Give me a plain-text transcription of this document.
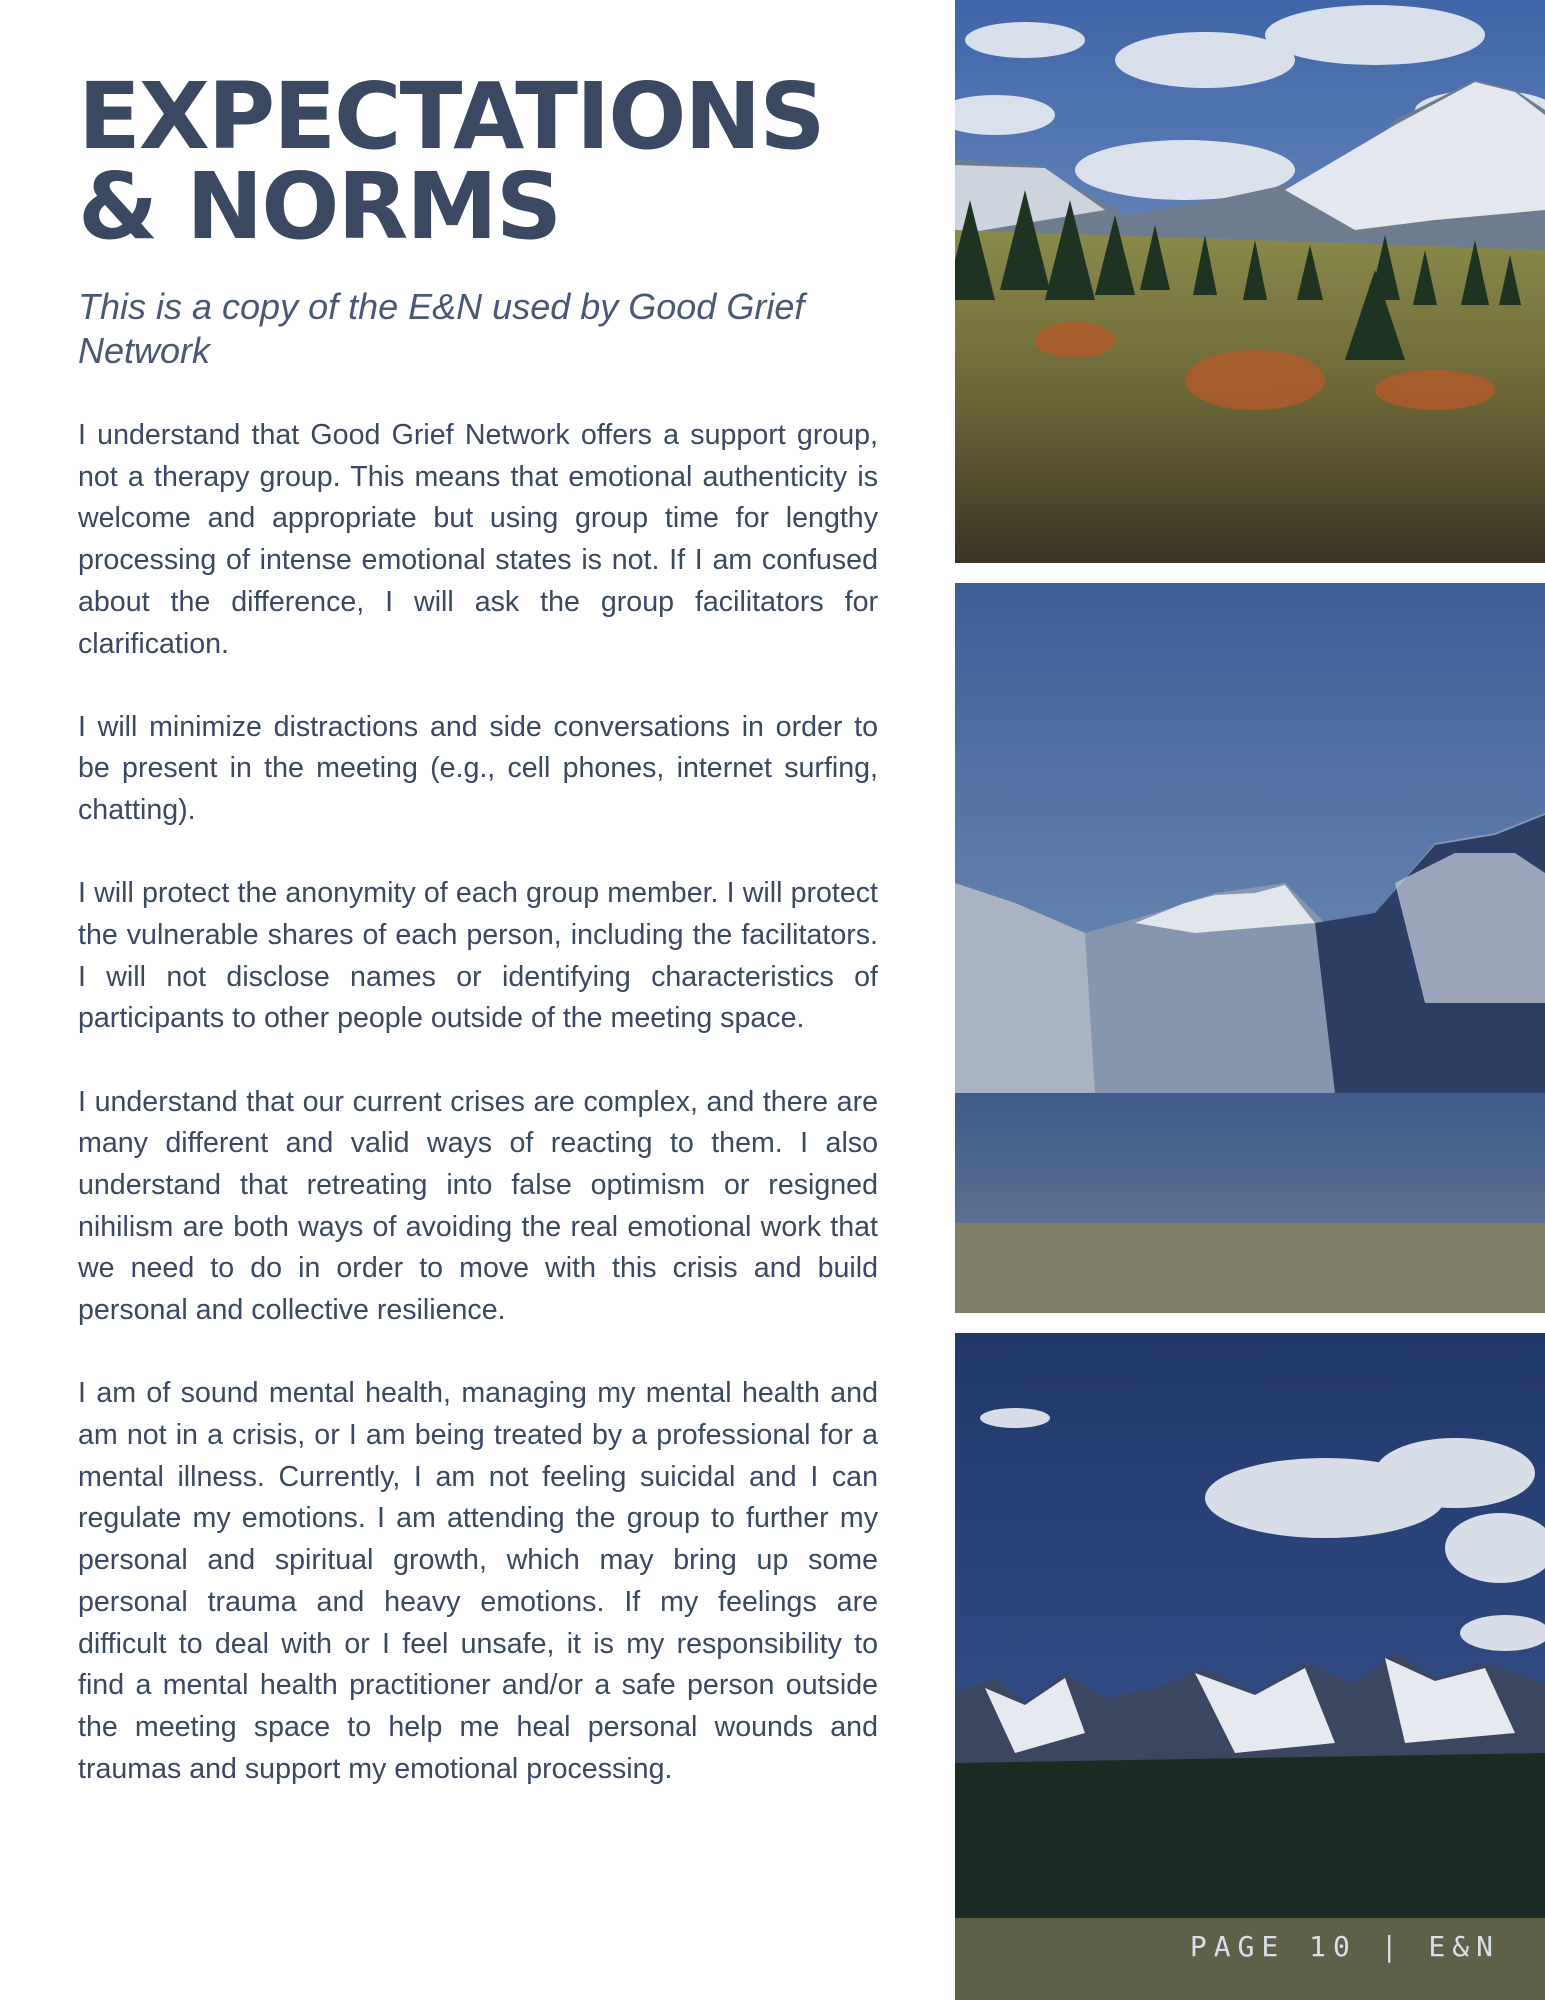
EXPECTATIONS
& NORMS
This is a copy of the E&N used by Good Grief Network

I understand that Good Grief Network offers a support group, not a therapy group. This means that emotional authenticity is welcome and appropriate but using group time for lengthy processing of intense emotional states is not. If I am confused about the difference, I will ask the group facilitators for clarification.

I will minimize distractions and side conversations in order to be present in the meeting (e.g., cell phones, internet surfing, chatting).

I will protect the anonymity of each group member. I will protect the vulnerable shares of each person, including the facilitators. I will not disclose names or identifying characteristics of participants to other people outside of the meeting space.

I understand that our current crises are complex, and there are many different and valid ways of reacting to them. I also understand that retreating into false optimism or resigned nihilism are both ways of avoiding the real emotional work that we need to do in order to move with this crisis and build personal and collective resilience.

I am of sound mental health, managing my mental health and am not in a crisis, or I am being treated by a professional for a mental illness. Currently, I am not feeling suicidal and I can regulate my emotions. I am attending the group to further my personal and spiritual growth, which may bring up some personal trauma and heavy emotions. If my feelings are difficult to deal with or I feel unsafe, it is my responsibility to find a mental health practitioner and/or a safe person outside the meeting space to help me heal personal wounds and traumas and support my emotional processing.

PAGE 10 | E&N
